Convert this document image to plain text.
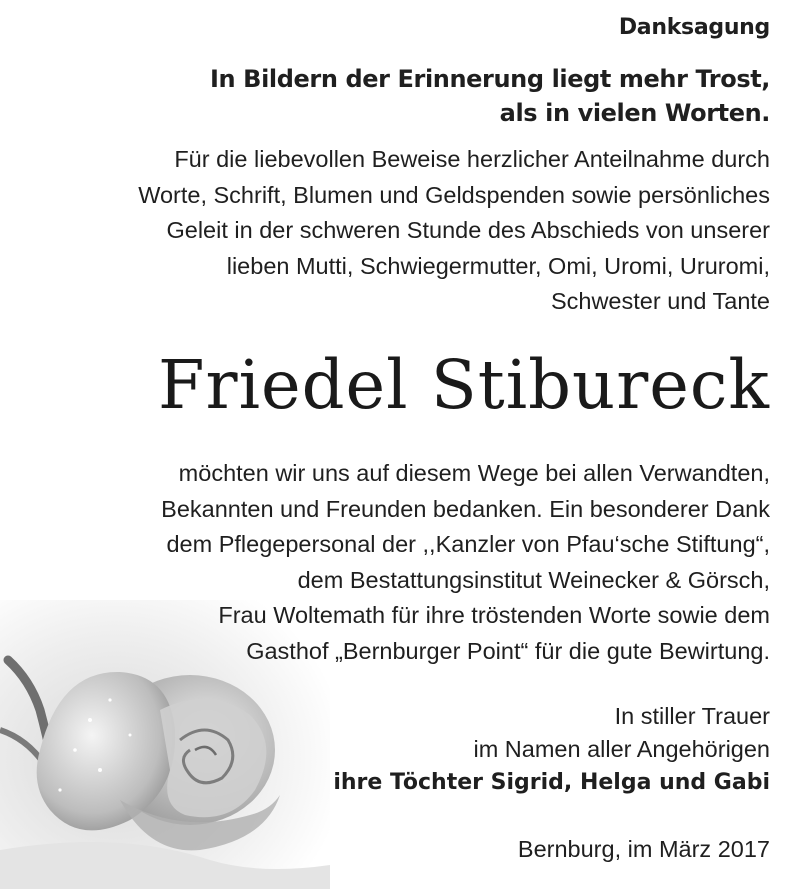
Danksagung
In Bildern der Erinnerung liegt mehr Trost,
als in vielen Worten.
Für die liebevollen Beweise herzlicher Anteilnahme durch
Worte, Schrift, Blumen und Geldspenden sowie persönliches
Geleit in der schweren Stunde des Abschieds von unserer
lieben Mutti, Schwiegermutter, Omi, Uromi, Ururomi,
Schwester und Tante
Friedel Stibureck
möchten wir uns auf diesem Wege bei allen Verwandten,
Bekannten und Freunden bedanken. Ein besonderer Dank
dem Pflegepersonal der ,,Kanzler von Pfau‘sche Stiftung“,
dem Bestattungsinstitut Weinecker & Görsch,
Frau Woltemath für ihre tröstenden Worte sowie dem
Gasthof „Bernburger Point“ für die gute Bewirtung.
In stiller Trauer
im Namen aller Angehörigen
ihre Töchter Sigrid, Helga und Gabi
Bernburg, im März 2017
